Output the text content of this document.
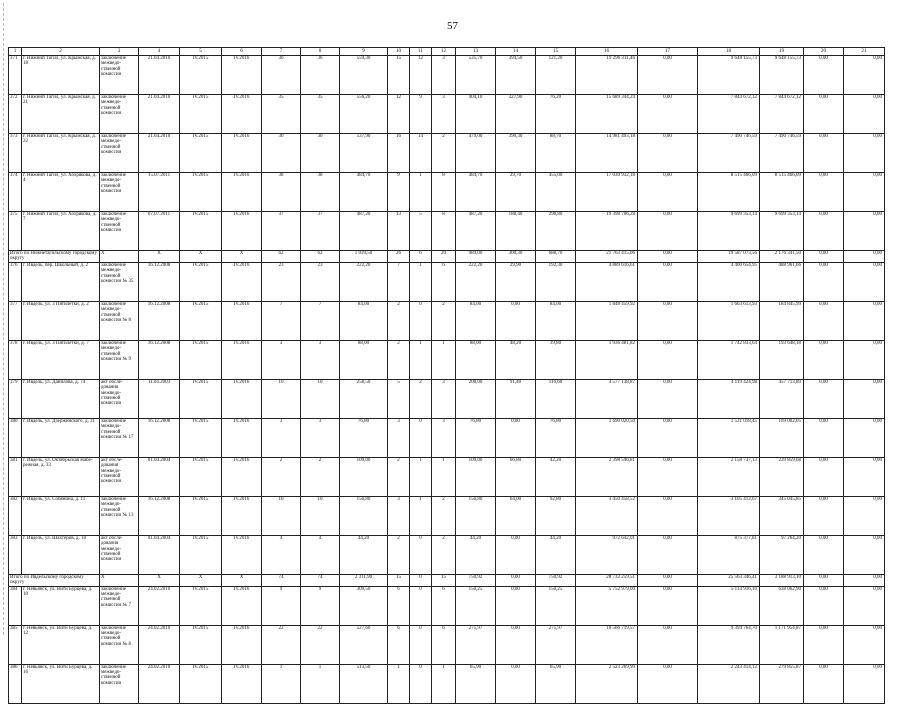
57
1	2	3	4	5	6	7	8	9	10	11	12	13	14	15	16	17	18	19	20	21
371	г. Нижний Тагил, ул. Крымская, д. 18	заключение межведо-ственной комиссии	21.04.2010	IV.2015	IV.2016	36	36	559,30	15	12	3	535,70	394,50	121,20	19 296 311,46	0,00	9 648 155,73	9 648 155,73	0,00	0,00
372	г. Нижний Тагил, ул. Крымская, д. 21	заключение межведо-ственной комиссии	21.04.2010	IV.2015	IV.2016	35	35	556,20	12	9	3	404,10	327,90	76,20	15 689 344,24	0,00	7 844 672,12	7 844 672,12	0,00	0,00
373	г. Нижний Тагил, ул. Крымская, д. 22	заключение межведо-ственной комиссии	21.04.2010	IV.2015	IV.2016	30	30	537,90	16	14	2	479,00	390,30	88,70	14 981 493,18	0,00	7 490 746,59	7 490 746,59	0,00	0,00
374	г. Нижний Тагил, ул. Хохрякова, д. 4	заключение межведо-ственной комиссии	15.07.2011	IV.2015	IV.2016	38	38	484,70	9	1	8	484,70	29,70	455,00	17 030 932,18	0,00	8 515 466,09	8 515 466,09	0,00	0,00
375	г. Нижний Тагил, ул. Хохрякова, д. 7	заключение межведо-ственной комиссии	07.07.2011	IV.2015	IV.2016	37	37	487,20	13	5	8	487,20	188,40	298,80	19 398 706,28	0,00	9 699 353,14	9 699 353,14	0,00	0,00
Итого по Нижнетагильскому городскому округу		X	X	X	X	62	62	1 039,50	26	6	20	989,00	300,30	688,70	21 763 415,06	0,00	19 587 073,56	2 176 341,50	0,00	0,00
376	г. Ивдель, пер. Школьный, д. 2	заключение межведо-ственной комиссии № 35	16.12.2008	IV.2015	IV.2016	23	23	222,20	7	1	6	222,20	29,90	192,30	4 889 616,61	0,00	4 400 654,95	488 961,66	0,00	0,00
377	г. Ивдель, ул. 3 Пятилетки, д. 2	заключение межведо-ственной комиссии № 8	16.12.2008	IV.2015	IV.2016	7	7	84,00	2	0	2	84,00	0,00	84,00	1 848 459,92	0,00	1 663 613,93	184 845,99	0,00	0,00
378	г. Ивдель, ул. 3 Пятилетки, д. 7	заключение межведо-ственной комиссии № 9	16.12.2008	IV.2015	IV.2016	3	3	88,00	2	1	1	88,00	48,20	39,80	1 936 481,82	0,00	1 742 833,64	193 648,18	0,00	0,00
379	г. Ивдель, ул. Данилова, д. 74	акт обсле-дования межведо-ственной комиссии	11.04.2003	IV.2015	IV.2016	10	10	258,50	5	2	3	208,00	91,40	116,60	4 577 138,87	0,00	4 119 424,98	457 713,89	0,00	0,00
380	г. Ивдель, ул. Дзержинского, д. 31	заключение межведо-ственной комиссии № 17	16.12.2008	IV.2015	IV.2016	3	3	76,80	3	0	3	76,80	0,00	76,80	1 690 020,50	0,00	1 521 018,45	169 002,05	0,00	0,00
381	г. Ивдель, ул. Октябрьская Набе-режная, д. 33	акт обсле-дования межведо-ственной комиссии	01.04.2004	IV.2015	IV.2016	2	2	109,00	2	1	1	109,00	66,80	42,20	2 398 596,81	0,00	2 158 737,13	239 859,68	0,00	0,00
382	г. Ивдель, ул. Собянина, д. 11	заключение межведо-ственной комиссии № 13	16.12.2008	IV.2015	IV.2016	10	10	156,80	3	1	2	156,80	64,00	92,80	3 450 458,52	0,00	3 105 412,67	345 045,85	0,00	0,00
383	г. Ивдель, ул. Шахтёров, д. 10	акт обсле-дования межведо-ственной комиссии	01.04.2004	IV.2015	IV.2016	4	4	44,20	2	0	2	44,20	0,00	44,20	972 642,01	0,00	875 377,81	97 264,20	0,00	0,00
Итого по Ивдельскому городскому округу		X	X	X	X	74	74	2 311,90	15	0	15	750,92	0,00	750,92	28 732 259,51	0,00	25 563 346,41	3 188 913,10	0,00	0,00
384	г. Невьянск, ул. Вити Бурцева, д. 10	заключение межведо-ственной комиссии № 7	24.02.2010	IV.2015	IV.2016	9	9	309,50	6	0	6	150,25	0,00	150,25	5 752 979,00	0,00	5 114 916,10	638 062,90	0,00	0,00
385	г. Невьянск, ул. Вити Бурцева, д. 12	заключение межведо-ственной комиссии № 8	24.02.2010	IV.2015	IV.2016	22	22	527,60	6	0	6	275,97	0,00	275,97	10 566 719,57	0,00	9 394 764,70	1 171 954,87	0,00	0,00
386	г. Невьянск, ул. Вити Бурцева, д. 16	заключение межведо-ственной комиссии	24.02.2010	IV.2015	IV.2016	1	1	513,50	1	0	1	65,90	0,00	65,90	2 523 269,99	0,00	2 243 414,12	279 855,87	0,00	0,00
